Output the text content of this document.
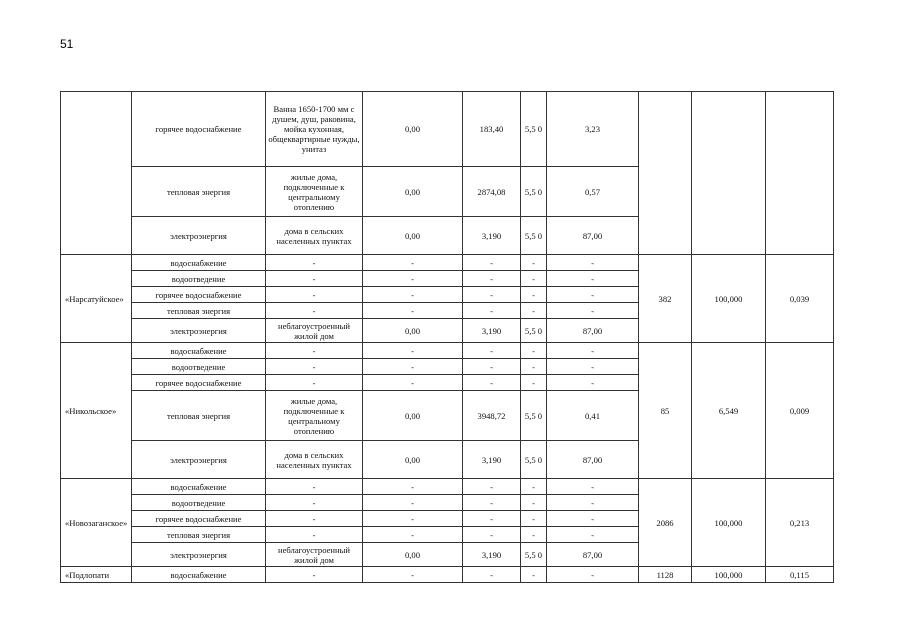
51
	горячее водоснабжение	Ванна 1650-1700 мм с душем, душ, раковина, мойка кухонная, общеквартирные нужды, унитаз	0,00	183,40	5,5 0	3,23			
	тепловая энергия	жилые дома, подключенные к центральному отоплению	0,00	2874,08	5,5 0	0,57			
	электроэнергия	дома в сельских населенных пунктах	0,00	3,190	5,5 0	87,00			
«Нарсатуйское»	водоснабжение	-	-	-	-	-	382	100,000	0,039
	водоотведение	-	-	-	-	-			
	горячее водоснабжение	-	-	-	-	-			
	тепловая энергия	-	-	-	-	-			
	электроэнергия	неблагоустроенный жилой дом	0,00	3,190	5,5 0	87,00			
«Никольское»	водоснабжение	-	-	-	-	-	85	6,549	0,009
	водоотведение	-	-	-	-	-			
	горячее водоснабжение	-	-	-	-	-			
	тепловая энергия	жилые дома, подключенные к центральному отоплению	0,00	3948,72	5,5 0	0,41			
	электроэнергия	дома в сельских населенных пунктах	0,00	3,190	5,5 0	87,00			
«Новозаганское»	водоснабжение	-	-	-	-	-	2086	100,000	0,213
	водоотведение	-	-	-	-	-			
	горячее водоснабжение	-	-	-	-	-			
	тепловая энергия	-	-	-	-	-			
	электроэнергия	неблагоустроенный жилой дом	0,00	3,190	5,5 0	87,00			
«Подлопати	водоснабжение	-	-	-	-	-	1128	100,000	0,115
